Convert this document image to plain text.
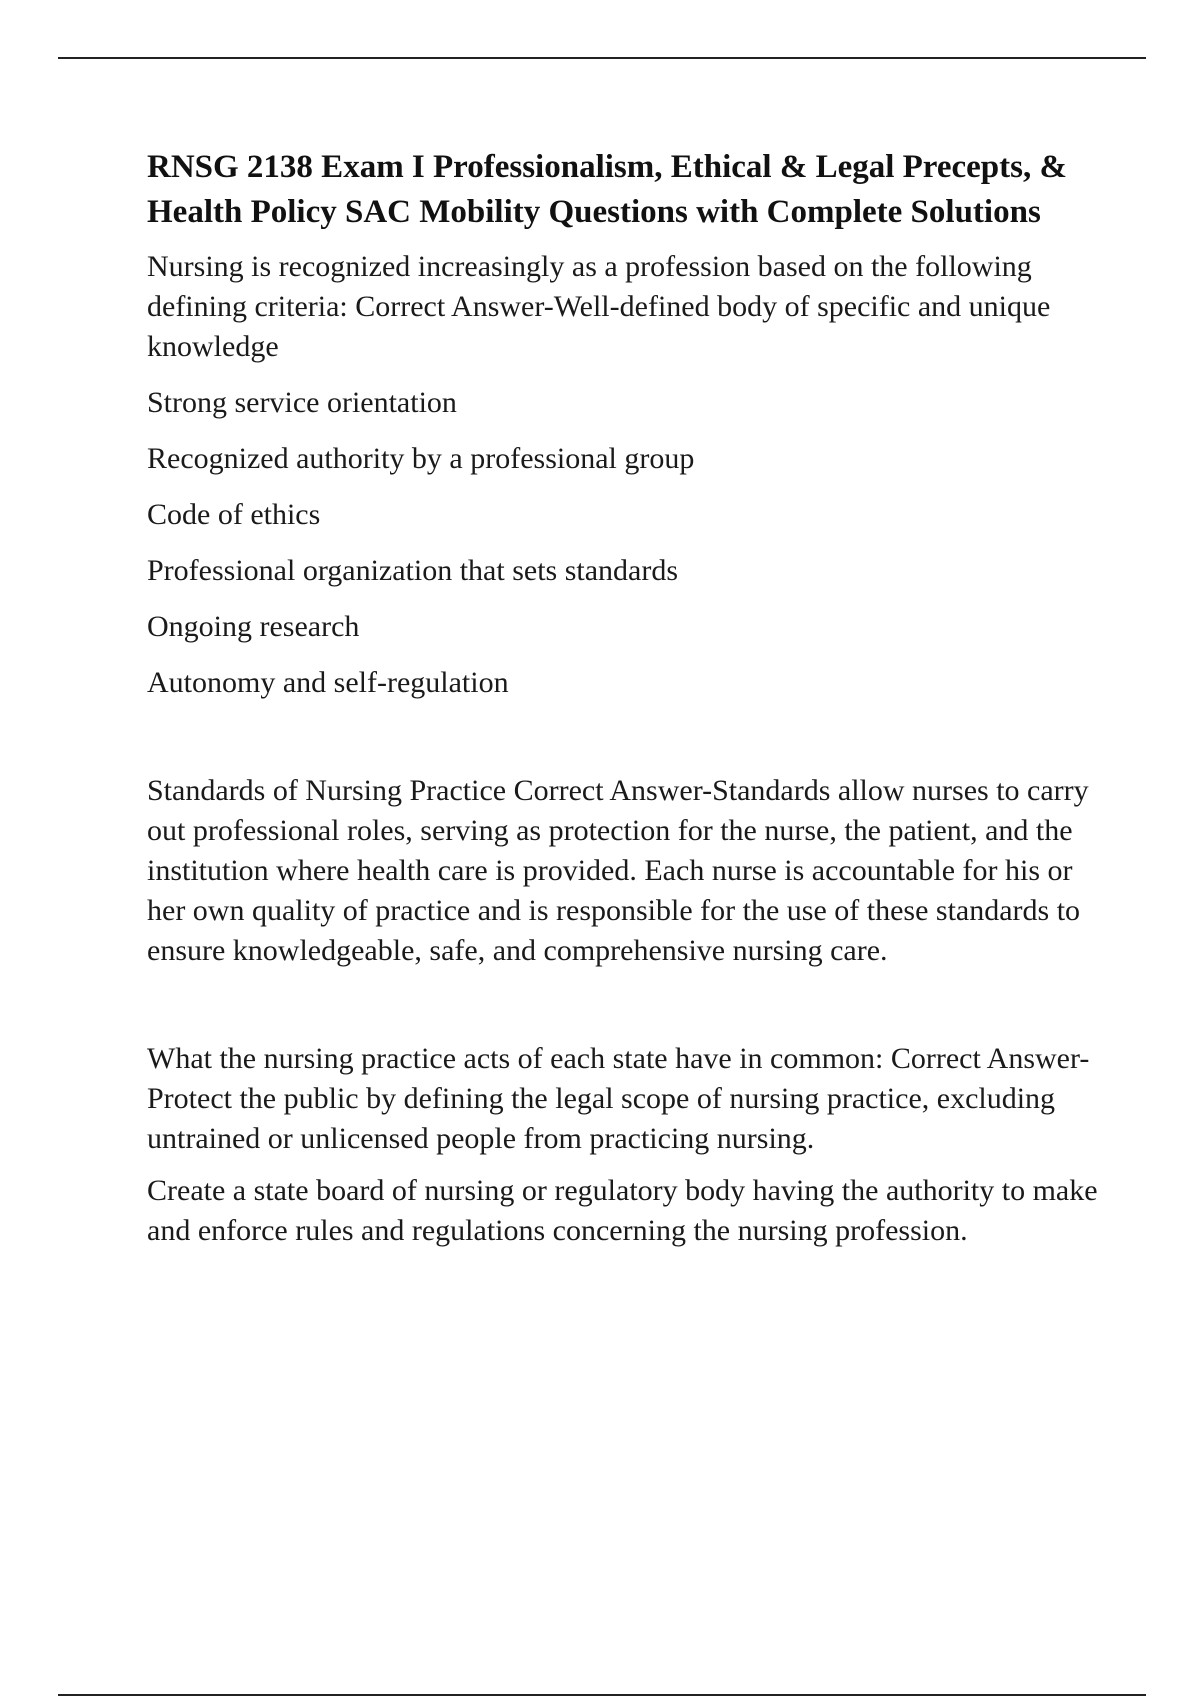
RNSG 2138 Exam I Professionalism, Ethical & Legal Precepts, & Health Policy SAC Mobility Questions with Complete Solutions

Nursing is recognized increasingly as a profession based on the following defining criteria: Correct Answer-Well-defined body of specific and unique knowledge

Strong service orientation

Recognized authority by a professional group

Code of ethics

Professional organization that sets standards

Ongoing research

Autonomy and self-regulation

Standards of Nursing Practice Correct Answer-Standards allow nurses to carry out professional roles, serving as protection for the nurse, the patient, and the institution where health care is provided. Each nurse is accountable for his or her own quality of practice and is responsible for the use of these standards to ensure knowledgeable, safe, and comprehensive nursing care.

What the nursing practice acts of each state have in common: Correct Answer-Protect the public by defining the legal scope of nursing practice, excluding untrained or unlicensed people from practicing nursing.

Create a state board of nursing or regulatory body having the authority to make and enforce rules and regulations concerning the nursing profession.
